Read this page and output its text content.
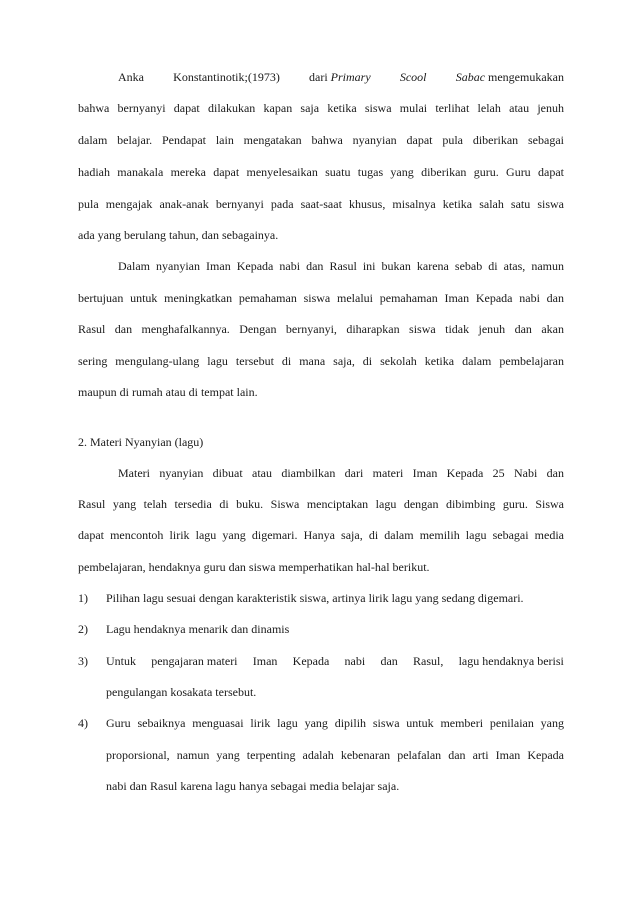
Anka Konstantinotik;(1973) dari Primary Scool Sabac mengemukakan
bahwa bernyanyi dapat dilakukan kapan saja ketika siswa mulai terlihat lelah atau jenuh
dalam belajar. Pendapat lain mengatakan bahwa nyanyian dapat pula diberikan sebagai
hadiah manakala mereka dapat menyelesaikan suatu tugas yang diberikan guru. Guru dapat
pula mengajak anak-anak bernyanyi pada saat-saat khusus, misalnya ketika salah satu siswa
ada yang berulang tahun, dan sebagainya.
Dalam nyanyian Iman Kepada nabi dan Rasul ini bukan karena sebab di atas, namun
bertujuan untuk meningkatkan pemahaman siswa melalui pemahaman Iman Kepada nabi dan
Rasul dan menghafalkannya. Dengan bernyanyi, diharapkan siswa tidak jenuh dan akan
sering mengulang-ulang lagu tersebut di mana saja, di sekolah ketika dalam pembelajaran
maupun di rumah atau di tempat lain.
2. Materi Nyanyian (lagu)
Materi nyanyian dibuat atau diambilkan dari materi Iman Kepada 25 Nabi dan
Rasul yang telah tersedia di buku. Siswa menciptakan lagu dengan dibimbing guru. Siswa
dapat mencontoh lirik lagu yang digemari. Hanya saja, di dalam memilih lagu sebagai media
pembelajaran, hendaknya guru dan siswa memperhatikan hal-hal berikut.
1)	Pilihan lagu sesuai dengan karakteristik siswa, artinya lirik lagu yang sedang digemari.
2)	Lagu hendaknya menarik dan dinamis
3)	Untuk pengajaran materi Iman Kepada nabi dan Rasul, lagu hendaknya berisi
pengulangan kosakata tersebut.
4)	Guru sebaiknya menguasai lirik lagu yang dipilih siswa untuk memberi penilaian yang
proporsional, namun yang terpenting adalah kebenaran pelafalan dan arti Iman Kepada
nabi dan Rasul karena lagu hanya sebagai media belajar saja.
